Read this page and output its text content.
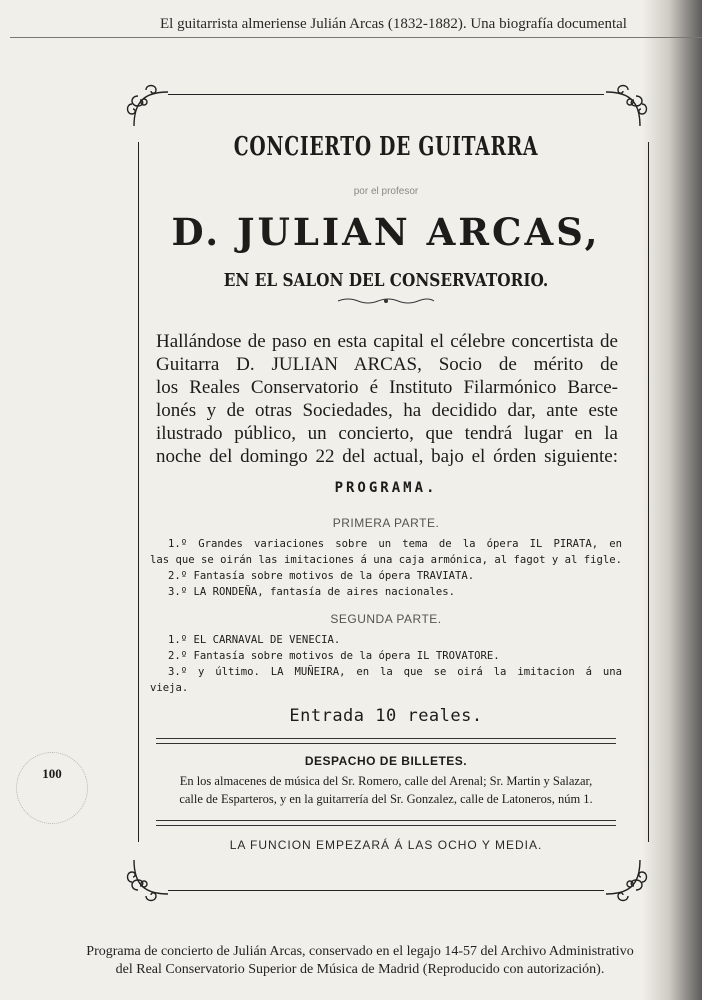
El guitarrista almeriense Julián Arcas (1832-1882). Una biografía documental
100
CONCIERTO DE GUITARRA
por el profesor
D. JULIAN ARCAS,
EN EL SALON DEL CONSERVATORIO.
Hallándose de paso en esta capital el célebre concertista de
Guitarra D. JULIAN ARCAS, Socio de mérito de
los Reales Conservatorio é Instituto Filarmónico Barce-
lonés y de otras Sociedades, ha decidido dar, ante este
ilustrado público, un concierto, que tendrá lugar en la
noche del domingo 22 del actual, bajo el órden siguiente:
PROGRAMA.
PRIMERA PARTE.
1.º Grandes variaciones sobre un tema de la ópera IL PIRATA, en
las que se oirán las imitaciones á una caja armónica, al fagot y al figle.
2.º Fantasía sobre motivos de la ópera TRAVIATA.
3.º LA RONDEÑA, fantasía de aires nacionales.
SEGUNDA PARTE.
1.º EL CARNAVAL DE VENECIA.
2.º Fantasía sobre motivos de la ópera IL TROVATORE.
3.º y último. LA MUÑEIRA, en la que se oirá la imitacion á una
vieja.
Entrada 10 reales.
DESPACHO DE BILLETES.
En los almacenes de música del Sr. Romero, calle del Arenal; Sr. Martin y Salazar,
calle de Esparteros, y en la guitarrería del Sr. Gonzalez, calle de Latoneros, núm 1.
LA FUNCION EMPEZARÁ Á LAS OCHO Y MEDIA.
Programa de concierto de Julián Arcas, conservado en el legajo 14-57 del Archivo Administrativo
del Real Conservatorio Superior de Música de Madrid (Reproducido con autorización).
